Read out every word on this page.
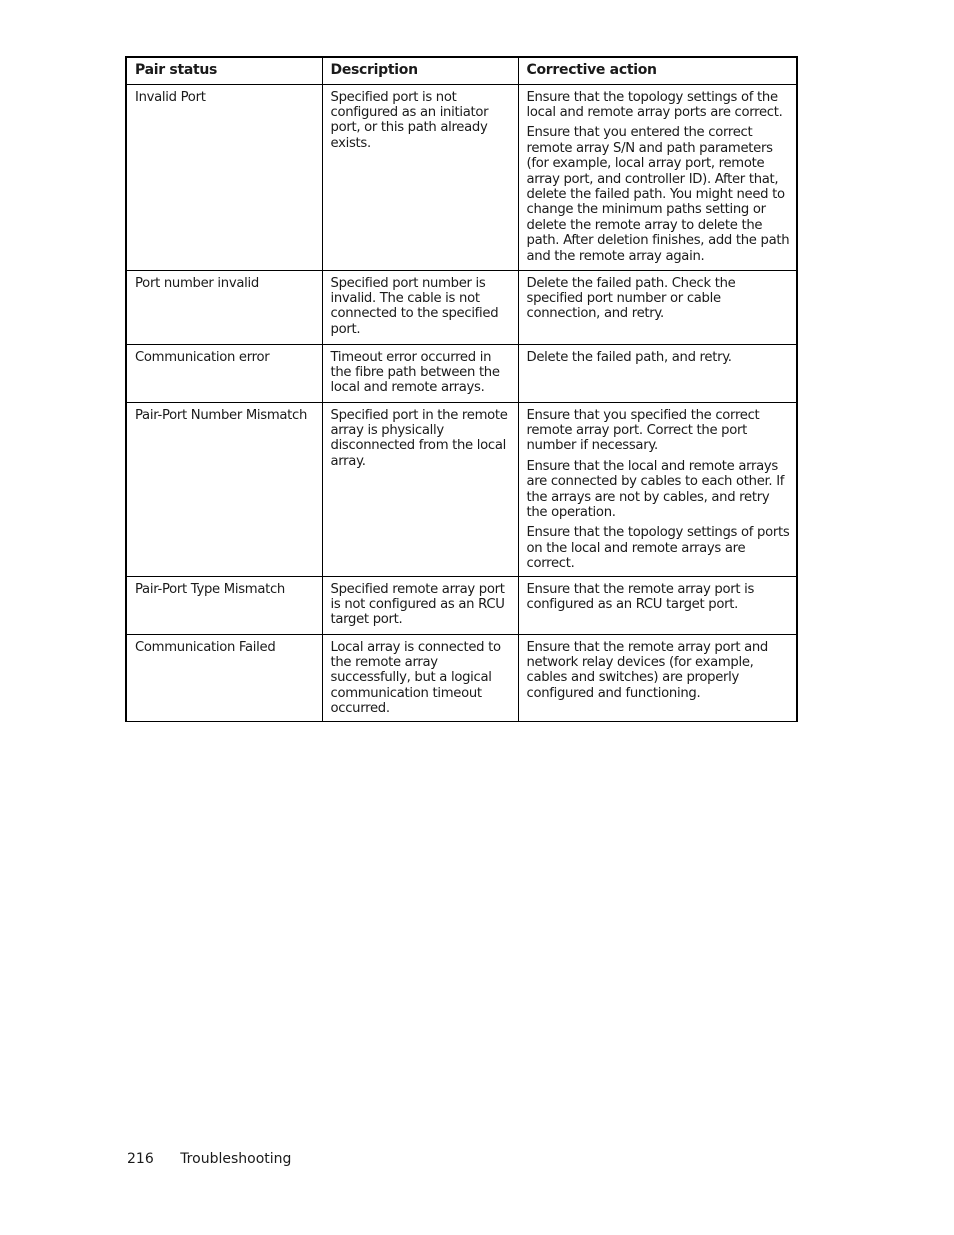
Pair status	Description	Corrective action
Invalid Port	Specified port is not configured as an initiator port, or this path already exists.	Ensure that the topology settings of the local and remote array ports are correct.

Ensure that you entered the correct remote array S/N and path parameters (for example, local array port, remote array port, and controller ID). After that, delete the failed path. You might need to change the minimum paths setting or delete the remote array to delete the path. After deletion finishes, add the path and the remote array again.

Port number invalid	Specified port number is invalid. The cable is not connected to the specified port.	Delete the failed path. Check the specified port number or cable connection, and retry.

Communication error	Timeout error occurred in the fibre path between the local and remote arrays.	Delete the failed path, and retry.

Pair-Port Number Mismatch	Specified port in the remote array is physically disconnected from the local array.	Ensure that you specified the correct remote array port. Correct the port number if necessary.

Ensure that the local and remote arrays are connected by cables to each other. If the arrays are not by cables, and retry the operation.

Ensure that the topology settings of ports on the local and remote arrays are correct.

Pair-Port Type Mismatch	Specified remote array port is not configured as an RCU target port.	Ensure that the remote array port is configured as an RCU target port.

Communication Failed	Local array is connected to the remote array successfully, but a logical communication timeout occurred.	Ensure that the remote array port and network relay devices (for example, cables and switches) are properly configured and functioning.

216 Troubleshooting
